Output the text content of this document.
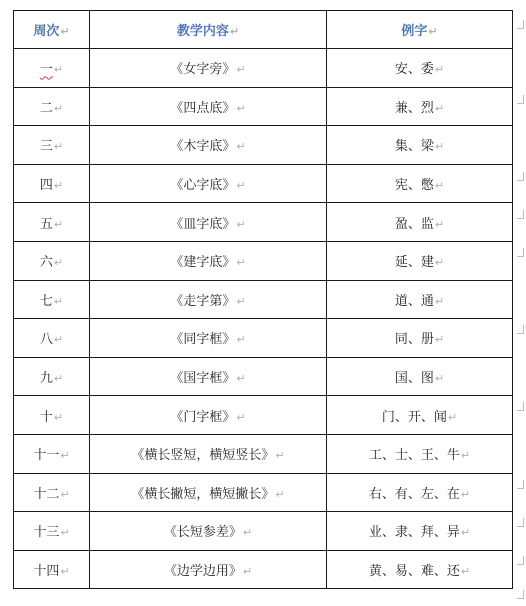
周次↵	教学内容↵	例字↵
一↵	《女字旁》↵	安、委↵
二↵	《四点底》↵	兼、烈↵
三↵	《木字底》↵	集、梁↵
四↵	《心字底》↵	宪、憋↵
五↵	《皿字底》↵	盈、监↵
六↵	《建字底》↵	延、建↵
七↵	《走字第》↵	道、通↵
八↵	《同字框》↵	同、册↵
九↵	《国字框》↵	国、图↵
十↵	《门字框》↵	门、开、闻↵
十一↵	《横长竖短，横短竖长》↵	工、士、王、牛↵
十二↵	《横长撇短，横短撇长》↵	右、有、左、在↵
十三↵	《长短参差》↵	业、隶、拜、异↵
十四↵	《边学边用》↵	黄、易、难、还↵
